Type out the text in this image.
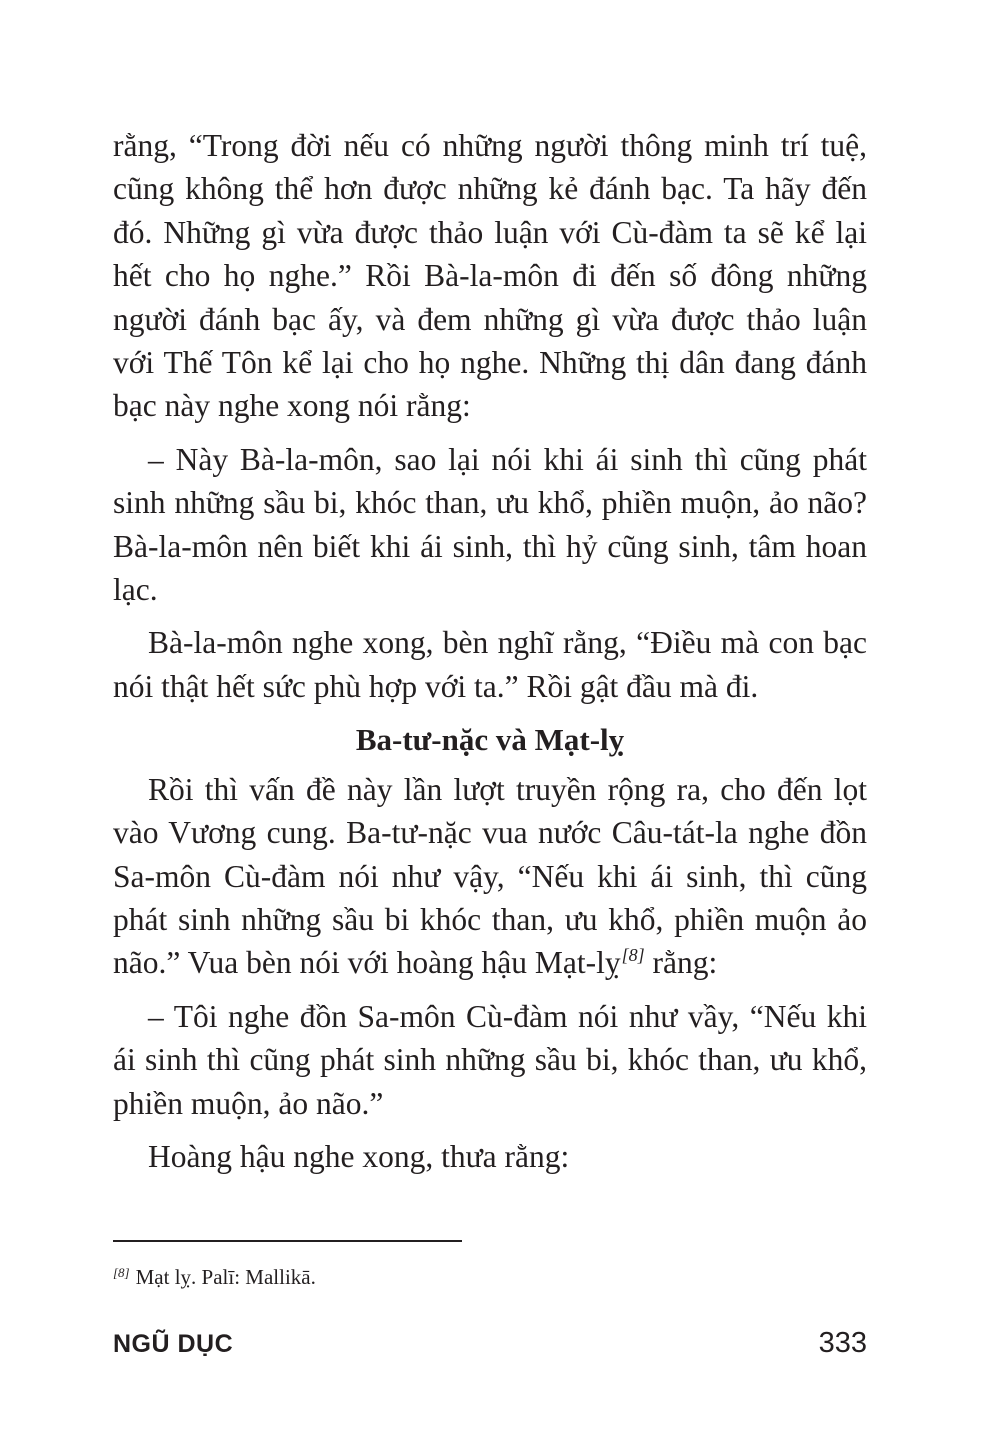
rằng, “Trong đời nếu có những người thông minh trí tuệ, cũng không thể hơn được những kẻ đánh bạc. Ta hãy đến đó. Những gì vừa được thảo luận với Cù-đàm ta sẽ kể lại hết cho họ nghe.” Rồi Bà-la-môn đi đến số đông những người đánh bạc ấy, và đem những gì vừa được thảo luận với Thế Tôn kể lại cho họ nghe. Những thị dân đang đánh bạc này nghe xong nói rằng:

– Này Bà-la-môn, sao lại nói khi ái sinh thì cũng phát sinh những sầu bi, khóc than, ưu khổ, phiền muộn, ảo não? Bà-la-môn nên biết khi ái sinh, thì hỷ cũng sinh, tâm hoan lạc.

Bà-la-môn nghe xong, bèn nghĩ rằng, “Điều mà con bạc nói thật hết sức phù hợp với ta.” Rồi gật đầu mà đi.

Ba-tư-nặc và Mạt-lỵ

Rồi thì vấn đề này lần lượt truyền rộng ra, cho đến lọt vào Vương cung. Ba-tư-nặc vua nước Câu-tát-la nghe đồn Sa-môn Cù-đàm nói như vậy, “Nếu khi ái sinh, thì cũng phát sinh những sầu bi khóc than, ưu khổ, phiền muộn ảo não.” Vua bèn nói với hoàng hậu Mạt-lỵ[8] rằng:

– Tôi nghe đồn Sa-môn Cù-đàm nói như vầy, “Nếu khi ái sinh thì cũng phát sinh những sầu bi, khóc than, ưu khổ, phiền muộn, ảo não.”

Hoàng hậu nghe xong, thưa rằng:

[8] Mạt lỵ. Palī: Mallikā.
NGŨ DỤC	333
